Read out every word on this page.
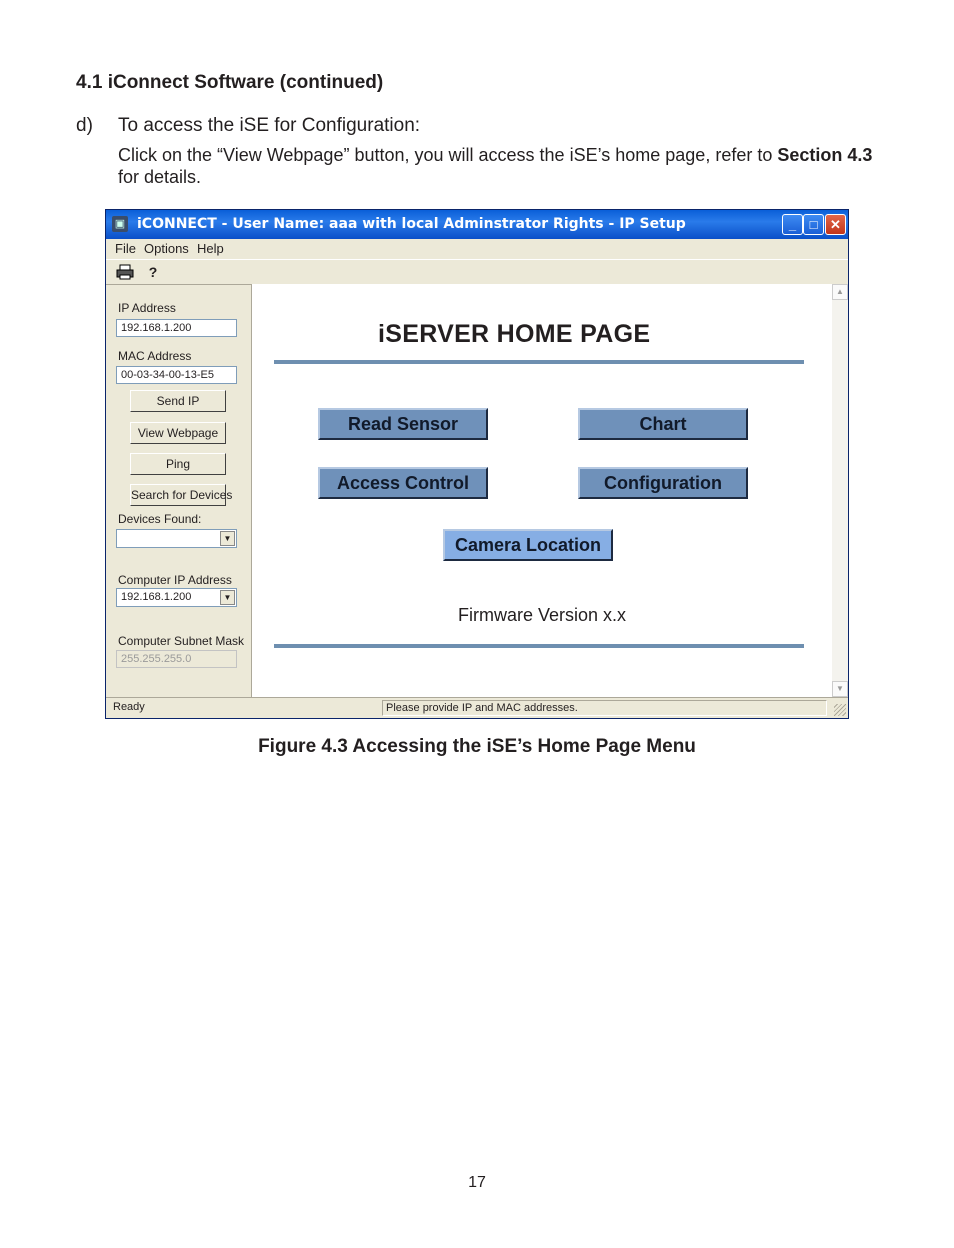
4.1 iConnect Software (continued)
d) To access the iSE for Configuration:
Click on the “View Webpage” button, you will access the iSE’s home page, refer to Section 4.3 for details.
▣ iCONNECT - User Name: aaa with local Adminstrator Rights - IP Setup	_	□ ✕
File Options Help
?
IP Address
192.168.1.200
MAC Address
00-03-34-00-13-E5
Send IP
View Webpage
Ping
Search for Devices
Devices Found:
▼
Computer IP Address
192.168.1.200	▼
Computer Subnet Mask
255.255.255.0
iSERVER HOME PAGE
Read Sensor	Chart
Access Control	Configuration
Camera Location
Firmware Version x.x
▲
▼
Ready	Please provide IP and MAC addresses.
Figure 4.3 Accessing the iSE’s Home Page Menu
17
